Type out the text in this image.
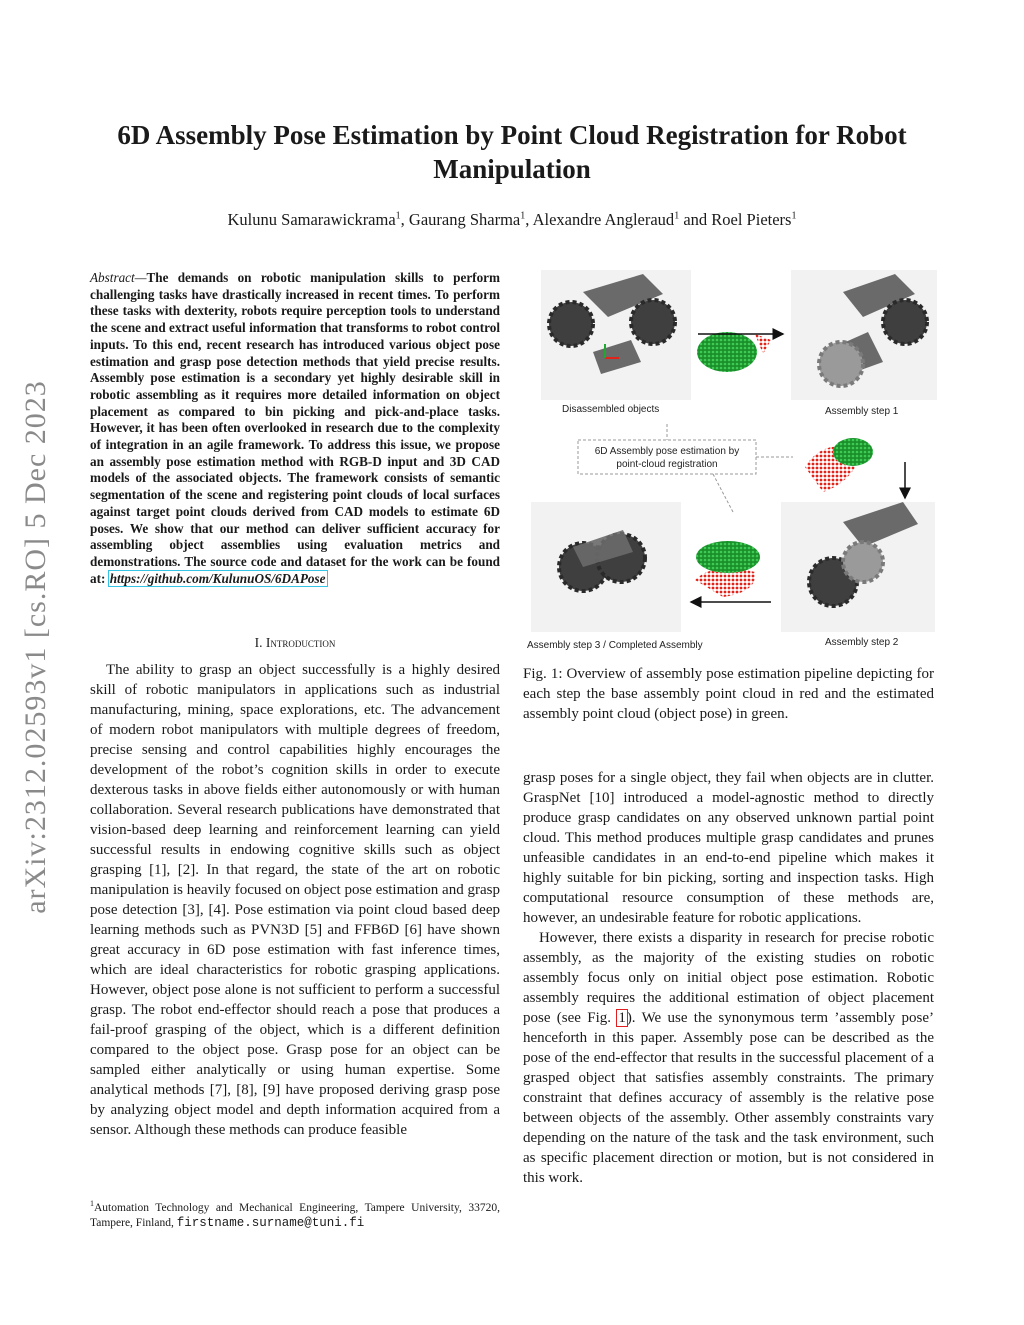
arXiv:2312.02593v1 [cs.RO] 5 Dec 2023
6D Assembly Pose Estimation by Point Cloud Registration for Robot Manipulation
Kulunu Samarawickrama$^1$, Gaurang Sharma$^1$, Alexandre Angleraud$^1$ and Roel Pieters$^1$
Abstract—The demands on robotic manipulation skills to perform challenging tasks have drastically increased in recent times. To perform these tasks with dexterity, robots require perception tools to understand the scene and extract useful information that transforms to robot control inputs. To this end, recent research has introduced various object pose estimation and grasp pose detection methods that yield precise results. Assembly pose estimation is a secondary yet highly desirable skill in robotic assembling as it requires more detailed information on object placement as compared to bin picking and pick-and-place tasks. However, it has been often overlooked in research due to the complexity of integration in an agile framework. To address this issue, we propose an assembly pose estimation method with RGB-D input and 3D CAD models of the associated objects. The framework consists of semantic segmentation of the scene and registering point clouds of local surfaces against target point clouds derived from CAD models to estimate 6D poses. We show that our method can deliver sufficient accuracy for assembling object assemblies using evaluation metrics and demonstrations. The source code and dataset for the work can be found at: https://github.com/KulunuOS/6DAPose
I. Introduction

The ability to grasp an object successfully is a highly desired skill of robotic manipulators in applications such as industrial manufacturing, mining, space explorations, etc. The advancement of modern robot manipulators with multiple degrees of freedom, precise sensing and control capabilities highly encourages the development of the robot’s cognition skills in order to execute dexterous tasks in above fields either autonomously or with human collaboration. Several research publications have demonstrated that vision-based deep learning and reinforcement learning can yield successful results in endowing cognitive skills such as object grasping [1], [2]. In that regard, the state of the art on robotic manipulation is heavily focused on object pose estimation and grasp pose detection [3], [4]. Pose estimation via point cloud based deep learning methods such as PVN3D [5] and FFB6D [6] have shown great accuracy in 6D pose estimation with fast inference times, which are ideal characteristics for robotic grasping applications. However, object pose alone is not sufficient to perform a successful grasp. The robot end-effector should reach a pose that produces a fail-proof grasping of the object, which is a different definition compared to the object pose. Grasp pose for an object can be sampled either analytically or using human expertise. Some analytical methods [7], [8], [9] have proposed deriving grasp pose by analyzing object model and depth information acquired from a sensor. Although these methods can produce feasible

$^1$Automation Technology and Mechanical Engineering, Tampere University, 33720, Tampere, Finland, firstname.surname@tuni.fi
6D Assembly pose estimation by
point-cloud registration
Disassembled objects	Assembly step 1
Assembly step 3 / Completed Assembly	Assembly step 2
Fig. 1: Overview of assembly pose estimation pipeline depicting for each step the base assembly point cloud in red and the estimated assembly point cloud (object pose) in green.

grasp poses for a single object, they fail when objects are in clutter. GraspNet [10] introduced a model-agnostic method to directly produce grasp candidates on any observed unknown partial point cloud. This method produces multiple grasp candidates and prunes unfeasible candidates in an end-to-end pipeline which makes it highly suitable for bin picking, sorting and inspection tasks. High computational resource consumption of these methods are, however, an undesirable feature for robotic applications.

However, there exists a disparity in research for precise robotic assembly, as the majority of the existing studies on robotic assembly focus only on initial object pose estimation. Robotic assembly requires the additional estimation of object placement pose (see Fig. 1). We use the synonymous term ’assembly pose’ henceforth in this paper. Assembly pose can be described as the pose of the end-effector that results in the successful placement of a grasped object that satisfies assembly constraints. The primary constraint that defines accuracy of assembly is the relative pose between objects of the assembly. Other assembly constraints vary depending on the nature of the task and the task environment, such as specific placement direction or motion, but is not considered in this work.
